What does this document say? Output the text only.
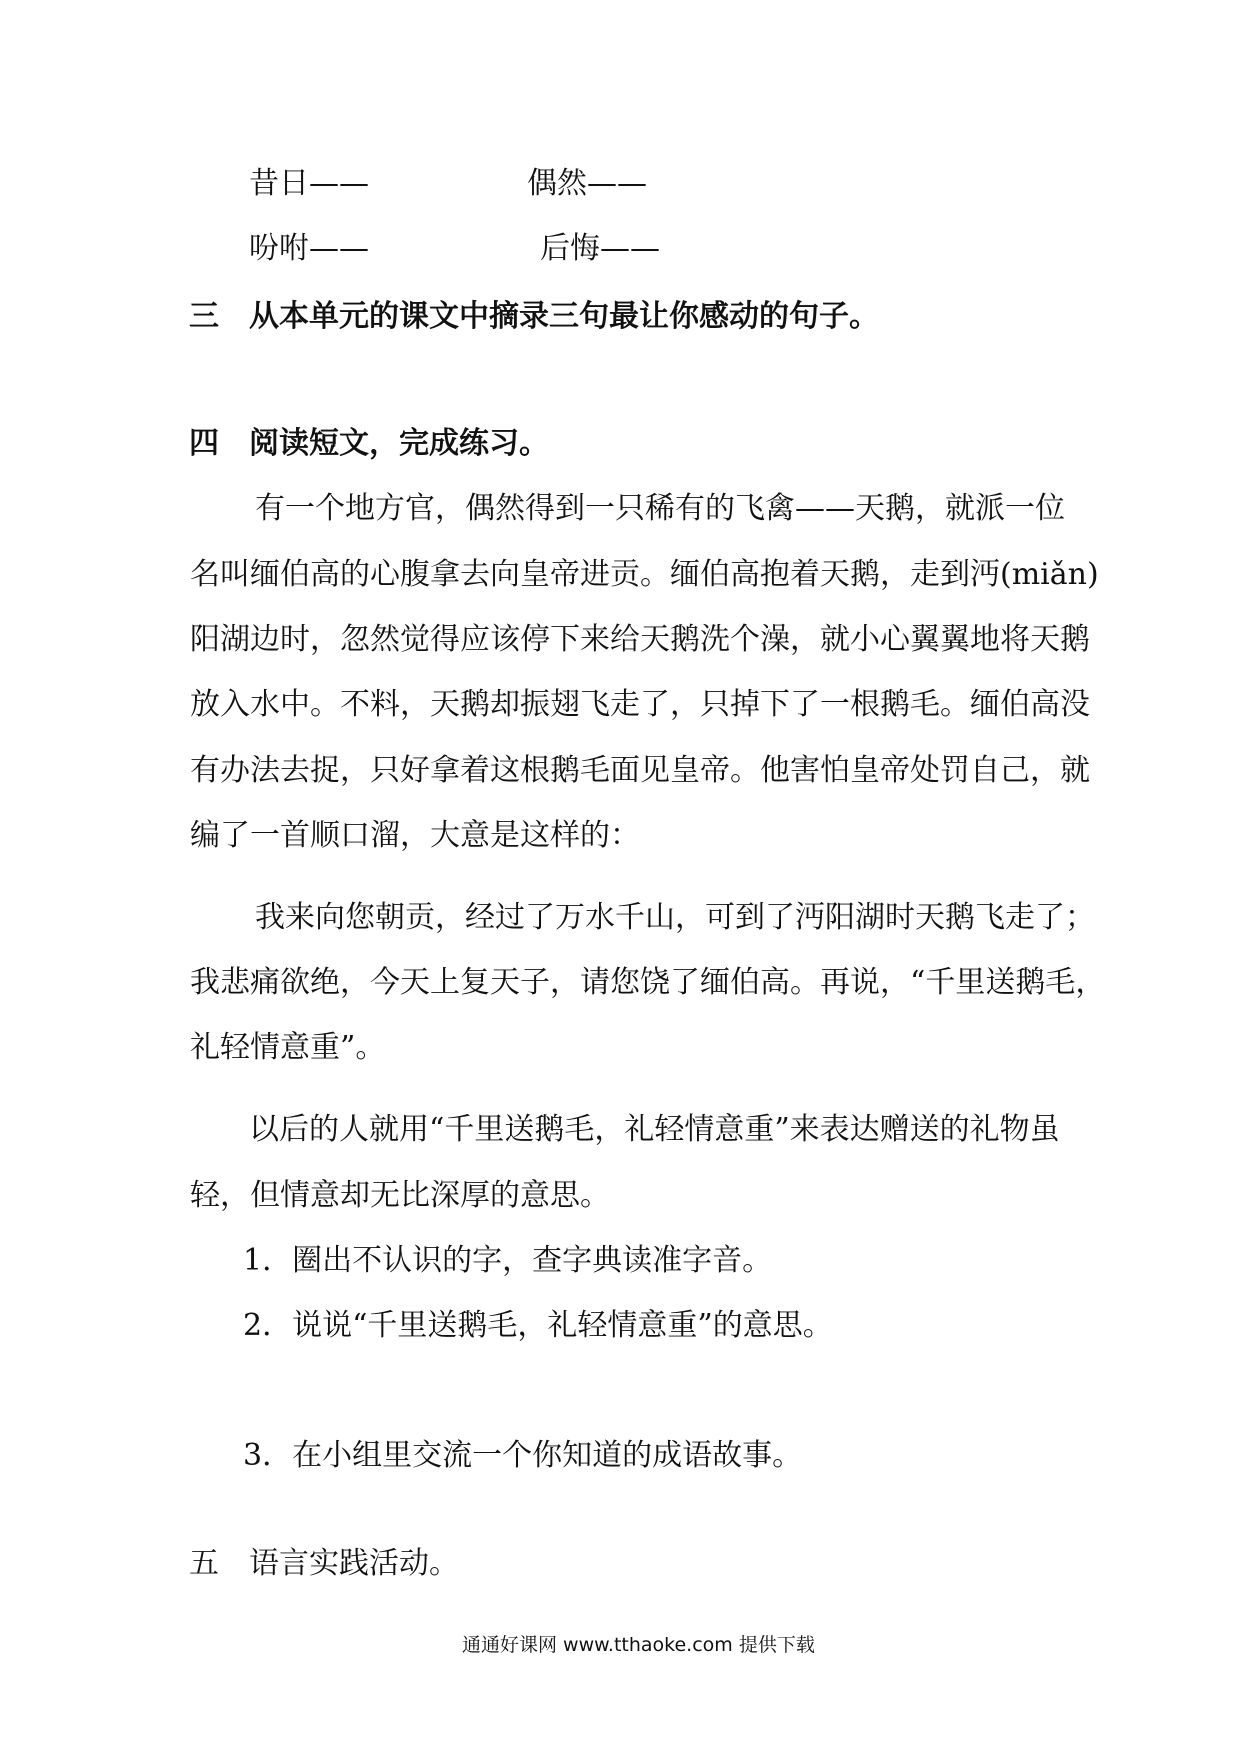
昔日——	偶然——
吩咐——	后悔——
三 从本单元的课文中摘录三句最让你感动的句子。
四 阅读短文，完成练习。
有一个地方官，偶然得到一只稀有的飞禽——天鹅，就派一位
名叫缅伯高的心腹拿去向皇帝进贡。缅伯高抱着天鹅，走到沔(miǎn)
阳湖边时，忽然觉得应该停下来给天鹅洗个澡，就小心翼翼地将天鹅
放入水中。不料，天鹅却振翅飞走了，只掉下了一根鹅毛。缅伯高没
有办法去捉，只好拿着这根鹅毛面见皇帝。他害怕皇帝处罚自己，就
编了一首顺口溜，大意是这样的：
我来向您朝贡，经过了万水千山，可到了沔阳湖时天鹅飞走了；
我悲痛欲绝，今天上复天子，请您饶了缅伯高。再说，“千里送鹅毛，
礼轻情意重”。
以后的人就用“千里送鹅毛，礼轻情意重”来表达赠送的礼物虽
轻，但情意却无比深厚的意思。
1．圈出不认识的字，查字典读准字音。
2．说说“千里送鹅毛，礼轻情意重”的意思。
3．在小组里交流一个你知道的成语故事。
五 语言实践活动。
通通好课网 www.tthaoke.com 提供下载
